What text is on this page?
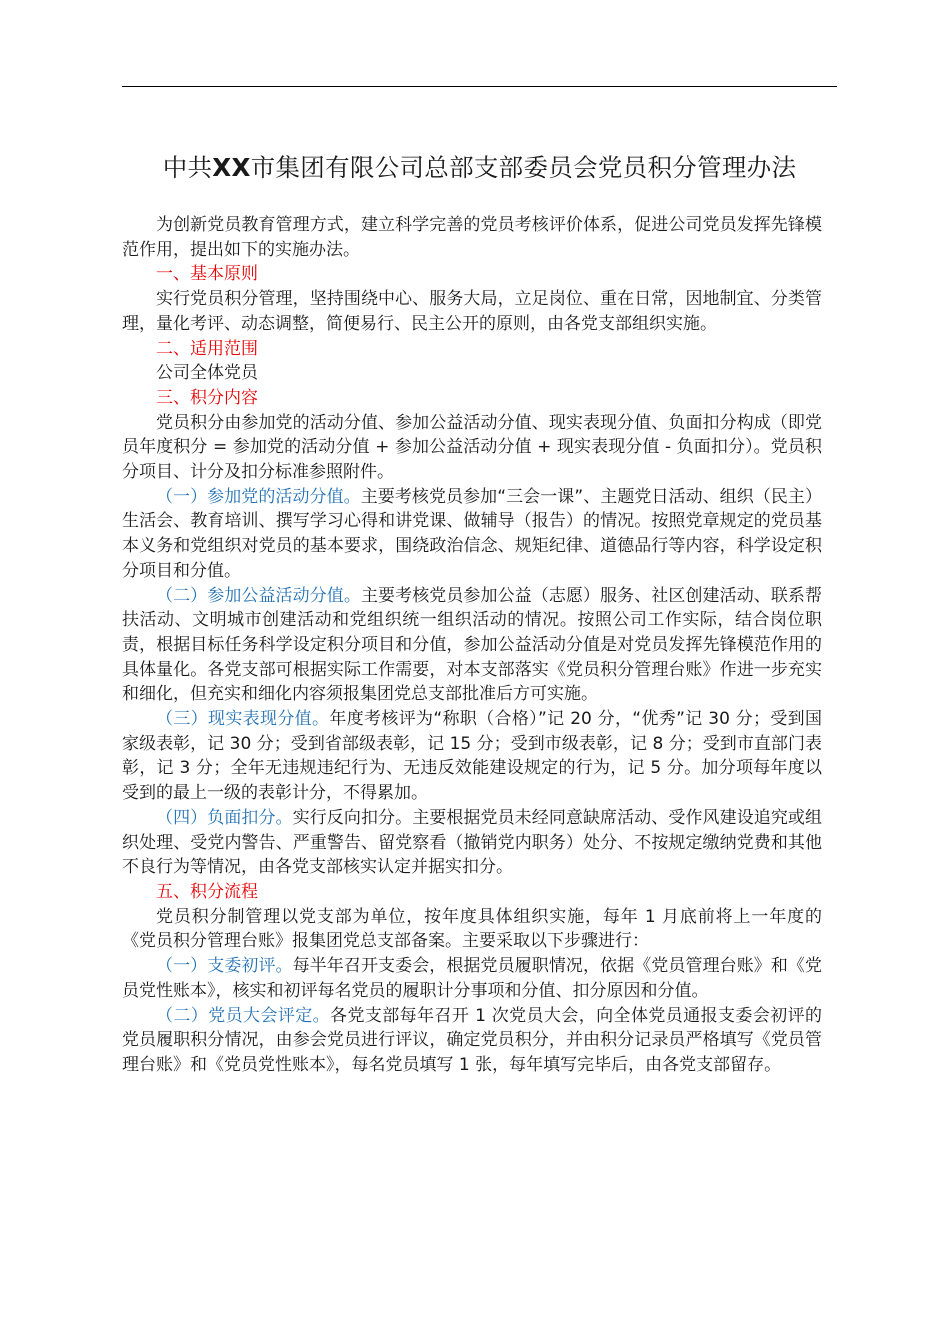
中共XX市集团有限公司总部支部委员会党员积分管理办法

为创新党员教育管理方式，建立科学完善的党员考核评价体系，促进公司党员发挥先锋模范作用，提出如下的实施办法。

一、基本原则

实行党员积分管理，坚持围绕中心、服务大局，立足岗位、重在日常，因地制宜、分类管理，量化考评、动态调整，简便易行、民主公开的原则，由各党支部组织实施。

二、适用范围

公司全体党员

三、积分内容

党员积分由参加党的活动分值、参加公益活动分值、现实表现分值、负面扣分构成（即党员年度积分 = 参加党的活动分值 + 参加公益活动分值 + 现实表现分值 - 负面扣分）。党员积分项目、计分及扣分标准参照附件。

（一）参加党的活动分值。主要考核党员参加“三会一课”、主题党日活动、组织（民主）生活会、教育培训、撰写学习心得和讲党课、做辅导（报告）的情况。按照党章规定的党员基本义务和党组织对党员的基本要求，围绕政治信念、规矩纪律、道德品行等内容，科学设定积分项目和分值。

（二）参加公益活动分值。主要考核党员参加公益（志愿）服务、社区创建活动、联系帮扶活动、文明城市创建活动和党组织统一组织活动的情况。按照公司工作实际，结合岗位职责，根据目标任务科学设定积分项目和分值，参加公益活动分值是对党员发挥先锋模范作用的具体量化。各党支部可根据实际工作需要，对本支部落实《党员积分管理台账》作进一步充实和细化，但充实和细化内容须报集团党总支部批准后方可实施。

（三）现实表现分值。年度考核评为“称职（合格）”记 20 分，“优秀”记 30 分；受到国家级表彰，记 30 分；受到省部级表彰，记 15 分；受到市级表彰，记 8 分；受到市直部门表彰，记 3 分；全年无违规违纪行为、无违反效能建设规定的行为，记 5 分。加分项每年度以受到的最上一级的表彰计分，不得累加。

（四）负面扣分。实行反向扣分。主要根据党员未经同意缺席活动、受作风建设追究或组织处理、受党内警告、严重警告、留党察看（撤销党内职务）处分、不按规定缴纳党费和其他不良行为等情况，由各党支部核实认定并据实扣分。

五、积分流程

党员积分制管理以党支部为单位，按年度具体组织实施，每年 1 月底前将上一年度的《党员积分管理台账》报集团党总支部备案。主要采取以下步骤进行：

（一）支委初评。每半年召开支委会，根据党员履职情况，依据《党员管理台账》和《党员党性账本》，核实和初评每名党员的履职计分事项和分值、扣分原因和分值。

（二）党员大会评定。各党支部每年召开 1 次党员大会，向全体党员通报支委会初评的党员履职积分情况，由参会党员进行评议，确定党员积分，并由积分记录员严格填写《党员管理台账》和《党员党性账本》，每名党员填写 1 张，每年填写完毕后，由各党支部留存。
